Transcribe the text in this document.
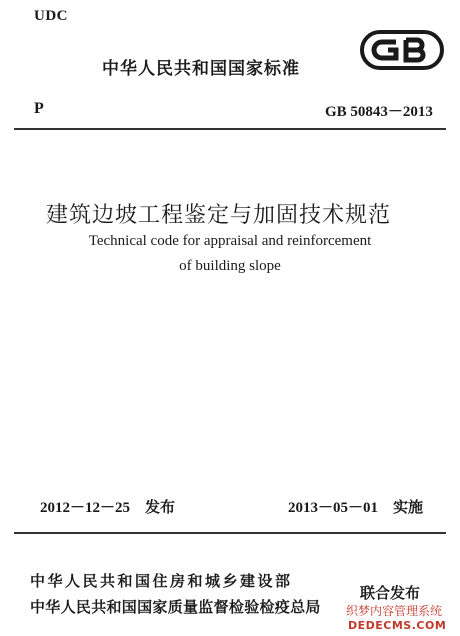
UDC
中华人民共和国国家标准
P	GB 50843－2013
建筑边坡工程鉴定与加固技术规范
Technical code for appraisal and reinforcement
of building slope
2012－12－25　发布	2013－05－01　实施
中华人民共和国住房和城乡建设部
中华人民共和国国家质量监督检验检疫总局
联合发布
织梦内容管理系统
DEDECMS.COM
